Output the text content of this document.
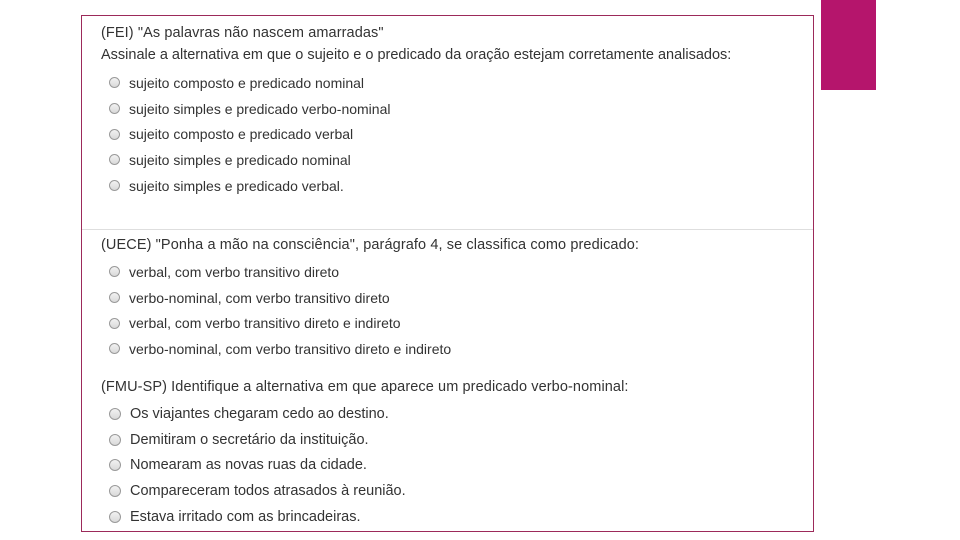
(FEI) "As palavras não nascem amarradas"

Assinale a alternativa em que o sujeito e o predicado da oração estejam corretamente analisados:

sujeito composto e predicado nominal
sujeito simples e predicado verbo-nominal
sujeito composto e predicado verbal
sujeito simples e predicado nominal
sujeito simples e predicado verbal.

(UECE) "Ponha a mão na consciência", parágrafo 4, se classifica como predicado:

verbal, com verbo transitivo direto
verbo-nominal, com verbo transitivo direto
verbal, com verbo transitivo direto e indireto
verbo-nominal, com verbo transitivo direto e indireto

(FMU-SP) Identifique a alternativa em que aparece um predicado verbo-nominal:

Os viajantes chegaram cedo ao destino.
Demitiram o secretário da instituição.
Nomearam as novas ruas da cidade.
Compareceram todos atrasados à reunião.
Estava irritado com as brincadeiras.
